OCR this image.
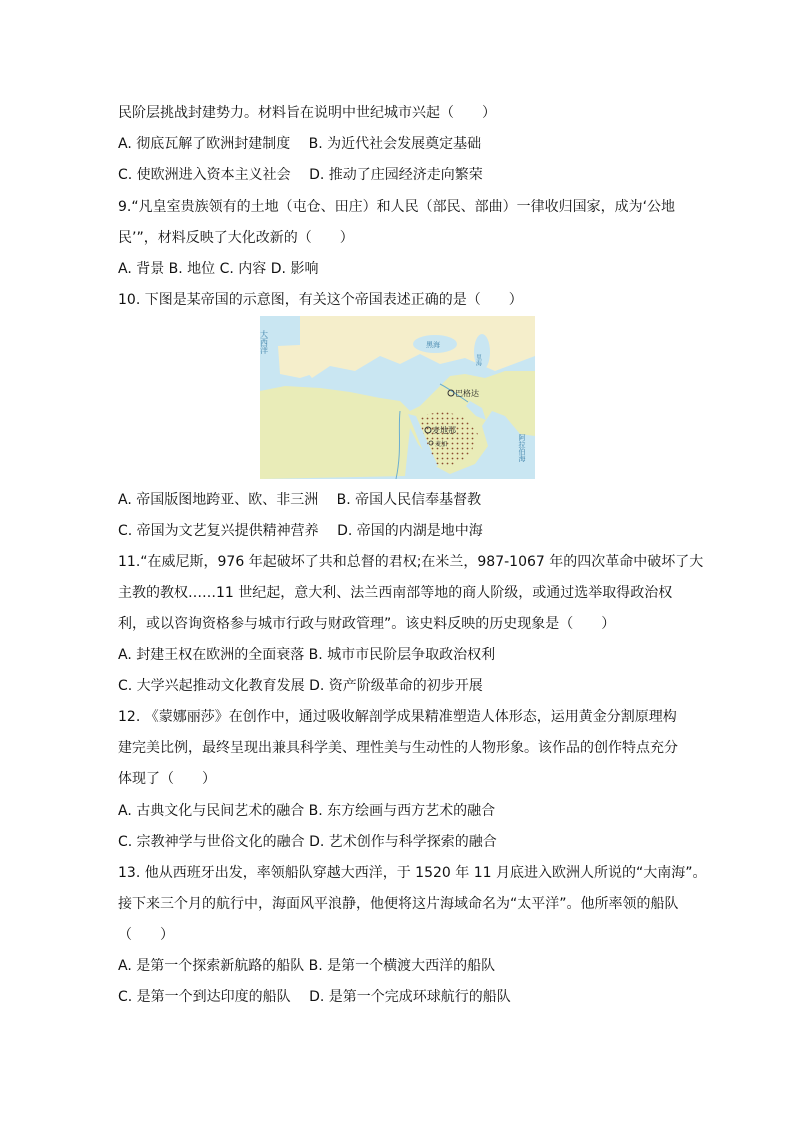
民阶层挑战封建势力。材料旨在说明中世纪城市兴起（　　）
A. 彻底瓦解了欧洲封建制度　 B. 为近代社会发展奠定基础
C. 使欧洲进入资本主义社会　 D. 推动了庄园经济走向繁荣
9.“凡皇室贵族领有的土地（屯仓、田庄）和人民（部民、部曲）一律收归国家，成为‘公地
民’”，材料反映了大化改新的（　　）
A. 背景 B. 地位 C. 内容 D. 影响
10. 下图是某帝国的示意图，有关这个帝国表述正确的是（　　）
巴格达
麦地那
麦加
大西洋	黑海
里海
阿拉伯海
A. 帝国版图地跨亚、欧、非三洲　 B. 帝国人民信奉基督教
C. 帝国为文艺复兴提供精神营养　 D. 帝国的内湖是地中海
11.“在威尼斯，976 年起破坏了共和总督的君权;在米兰，987-1067 年的四次革命中破坏了大
主教的教权……11 世纪起，意大利、法兰西南部等地的商人阶级，或通过选举取得政治权
利，或以咨询资格参与城市行政与财政管理”。该史料反映的历史现象是（　　）
A. 封建王权在欧洲的全面衰落 B. 城市市民阶层争取政治权利
C. 大学兴起推动文化教育发展 D. 资产阶级革命的初步开展
12. 《蒙娜丽莎》在创作中，通过吸收解剖学成果精准塑造人体形态，运用黄金分割原理构
建完美比例，最终呈现出兼具科学美、理性美与生动性的人物形象。该作品的创作特点充分
体现了（　　）
A. 古典文化与民间艺术的融合 B. 东方绘画与西方艺术的融合
C. 宗教神学与世俗文化的融合 D. 艺术创作与科学探索的融合
13. 他从西班牙出发，率领船队穿越大西洋，于 1520 年 11 月底进入欧洲人所说的“大南海”。
接下来三个月的航行中，海面风平浪静，他便将这片海域命名为“太平洋”。他所率领的船队
（　　）
A. 是第一个探索新航路的船队 B. 是第一个横渡大西洋的船队
C. 是第一个到达印度的船队　 D. 是第一个完成环球航行的船队
